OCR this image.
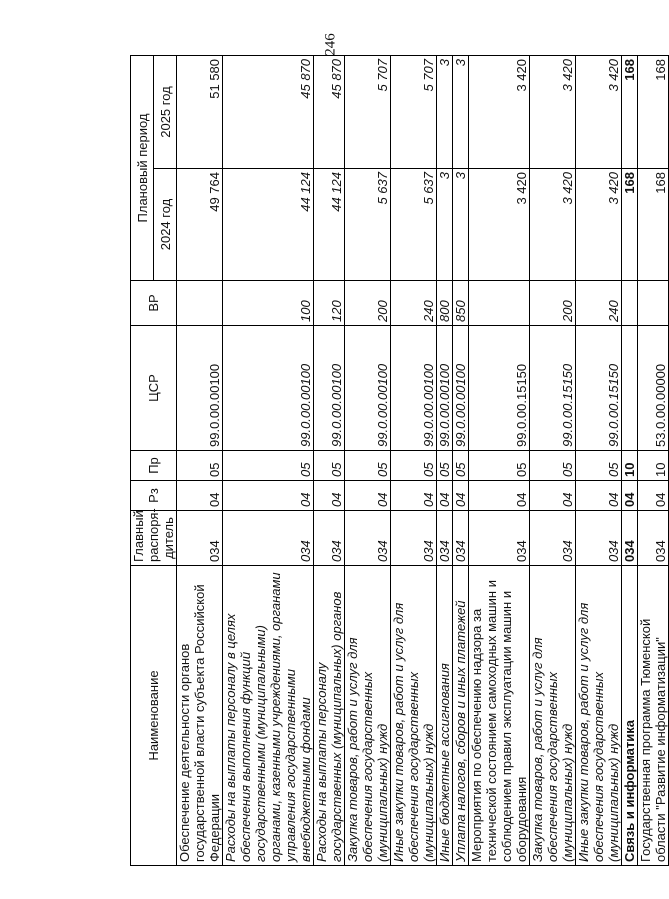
246
Наименование	Главный распоря-дитель	Рз	Пр	ЦСР	ВР	Плановый период	
						2024 год	2025 год
Обеспечение деятельности органов государственной власти субъекта Российской Федерации	034	04	05	99.0.00.00100		49 764	51 580
Расходы на выплаты персоналу в целях обеспечения выполнения функций государственными (муниципальными) органами, казенными учреждениями, органами управления государственными внебюджетными фондами	034	04	05	99.0.00.00100	100	44 124	45 870
Расходы на выплаты персоналу государственных (муниципальных) органов	034	04	05	99.0.00.00100	120	44 124	45 870
Закупка товаров, работ и услуг для обеспечения государственных (муниципальных) нужд	034	04	05	99.0.00.00100	200	5 637	5 707
Иные закупки товаров, работ и услуг для обеспечения государственных (муниципальных) нужд	034	04	05	99.0.00.00100	240	5 637	5 707
Иные бюджетные ассигнования	034	04	05	99.0.00.00100	800	3	3
Уплата налогов, сборов и иных платежей	034	04	05	99.0.00.00100	850	3	3
Мероприятия по обеспечению надзора за технической состоянием самоходных машин и соблюдением правил эксплуатации машин и оборудования	034	04	05	99.0.00.15150		3 420	3 420
Закупка товаров, работ и услуг для обеспечения государственных (муниципальных) нужд	034	04	05	99.0.00.15150	200	3 420	3 420
Иные закупки товаров, работ и услуг для обеспечения государственных (муниципальных) нужд	034	04	05	99.0.00.15150	240	3 420	3 420
Связь и информатика	034	04	10			168	168
Государственная программа Тюменской области "Развитие информатизации"	034	04	10	53.0.00.00000		168	168
